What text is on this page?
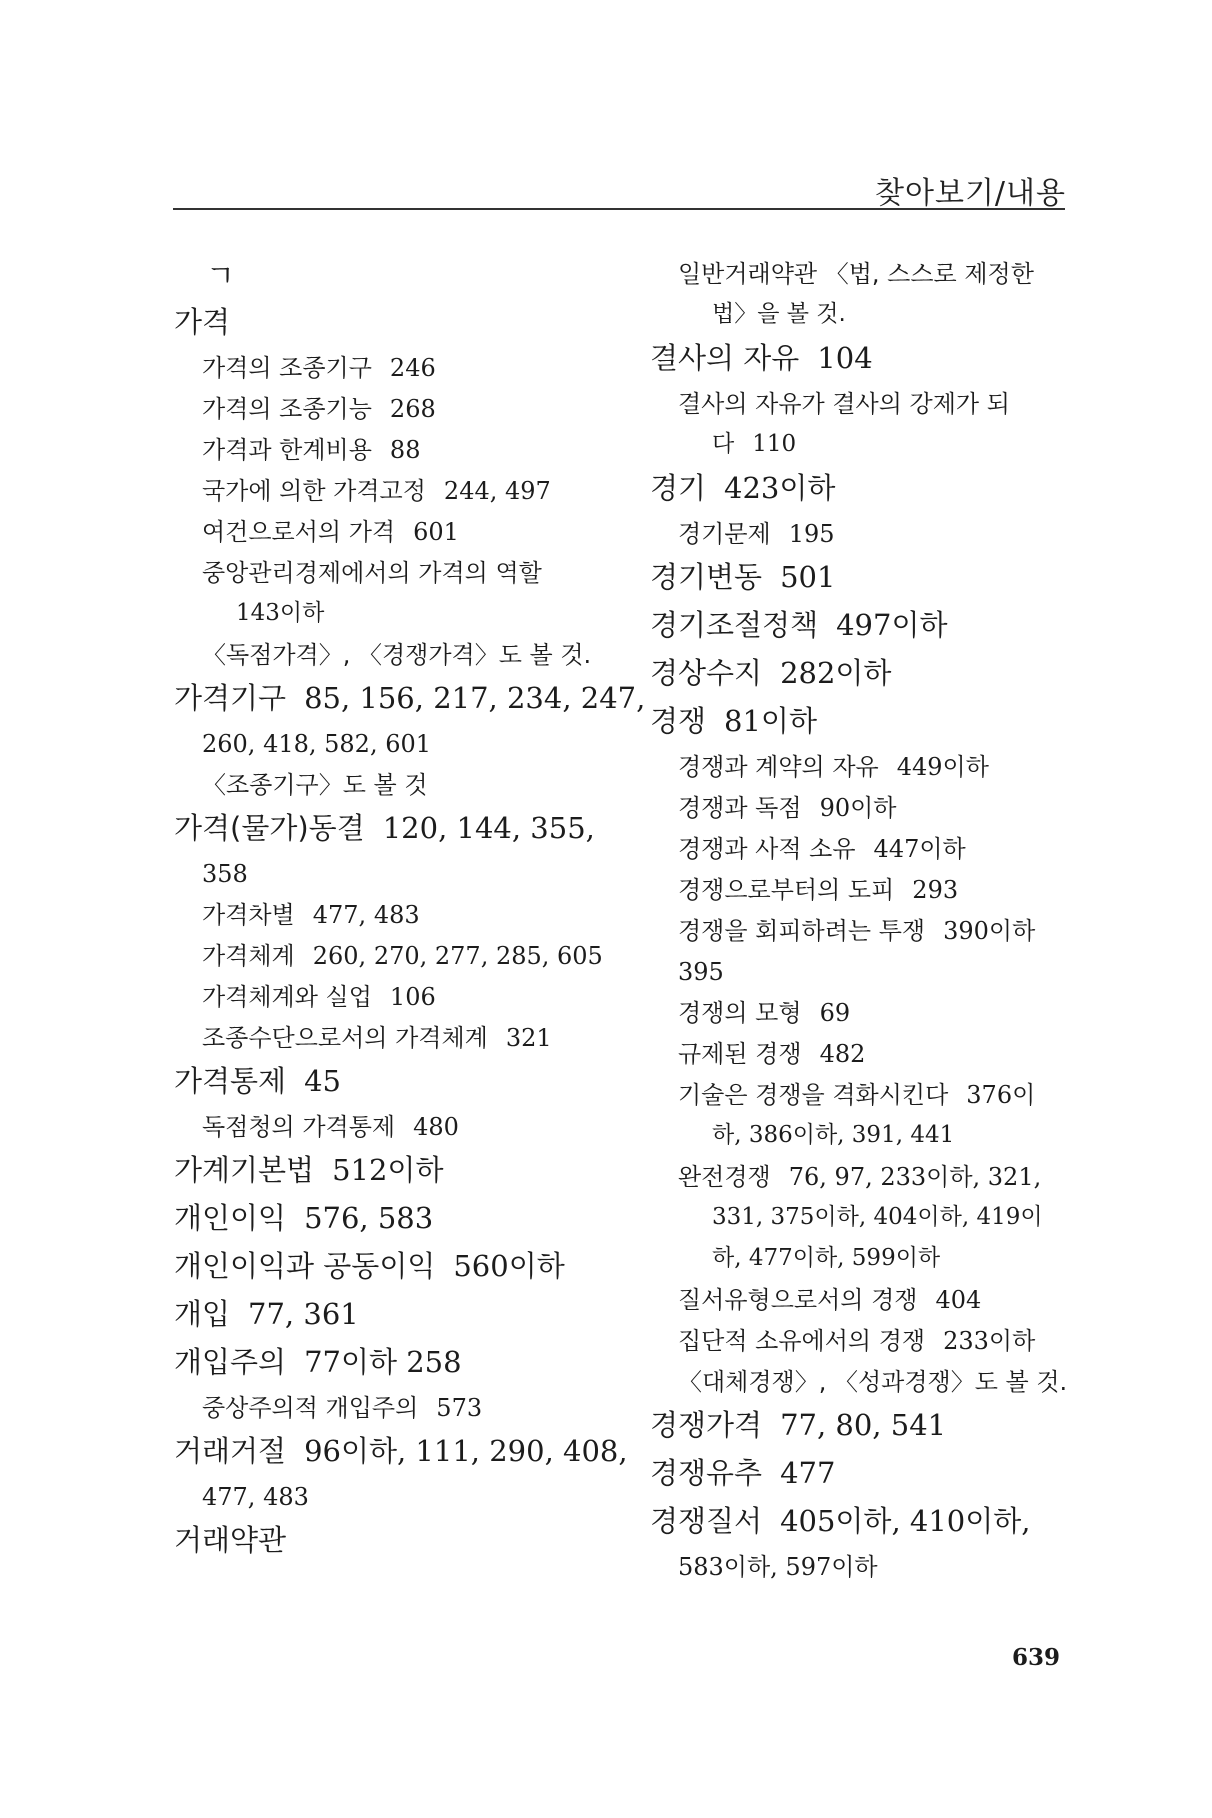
찾아보기/내용
ㄱ
가격
가격의 조종기구 246
가격의 조종기능 268
가격과 한계비용 88
국가에 의한 가격고정 244, 497
여건으로서의 가격 601
중앙관리경제에서의 가격의 역할
143이하
〈독점가격〉, 〈경쟁가격〉도 볼 것.
가격기구 85, 156, 217, 234, 247,
260, 418, 582, 601
〈조종기구〉도 볼 것
가격(물가)동결 120, 144, 355,
358
가격차별 477, 483
가격체계 260, 270, 277, 285, 605
가격체계와 실업 106
조종수단으로서의 가격체계 321
가격통제 45
독점청의 가격통제 480
가계기본법 512이하
개인이익 576, 583
개인이익과 공동이익 560이하
개입 77, 361
개입주의 77이하 258
중상주의적 개입주의 573
거래거절 96이하, 111, 290, 408,
477, 483
거래약관
일반거래약관 〈법, 스스로 제정한
법〉을 볼 것.
결사의 자유 104
결사의 자유가 결사의 강제가 되
다 110
경기 423이하
경기문제 195
경기변동 501
경기조절정책 497이하
경상수지 282이하
경쟁 81이하
경쟁과 계약의 자유 449이하
경쟁과 독점 90이하
경쟁과 사적 소유 447이하
경쟁으로부터의 도피 293
경쟁을 회피하려는 투쟁 390이하
395
경쟁의 모형 69
규제된 경쟁 482
기술은 경쟁을 격화시킨다 376이
하, 386이하, 391, 441
완전경쟁 76, 97, 233이하, 321,
331, 375이하, 404이하, 419이
하, 477이하, 599이하
질서유형으로서의 경쟁 404
집단적 소유에서의 경쟁 233이하
〈대체경쟁〉, 〈성과경쟁〉도 볼 것.
경쟁가격 77, 80, 541
경쟁유추 477
경쟁질서 405이하, 410이하,
583이하, 597이하
639
